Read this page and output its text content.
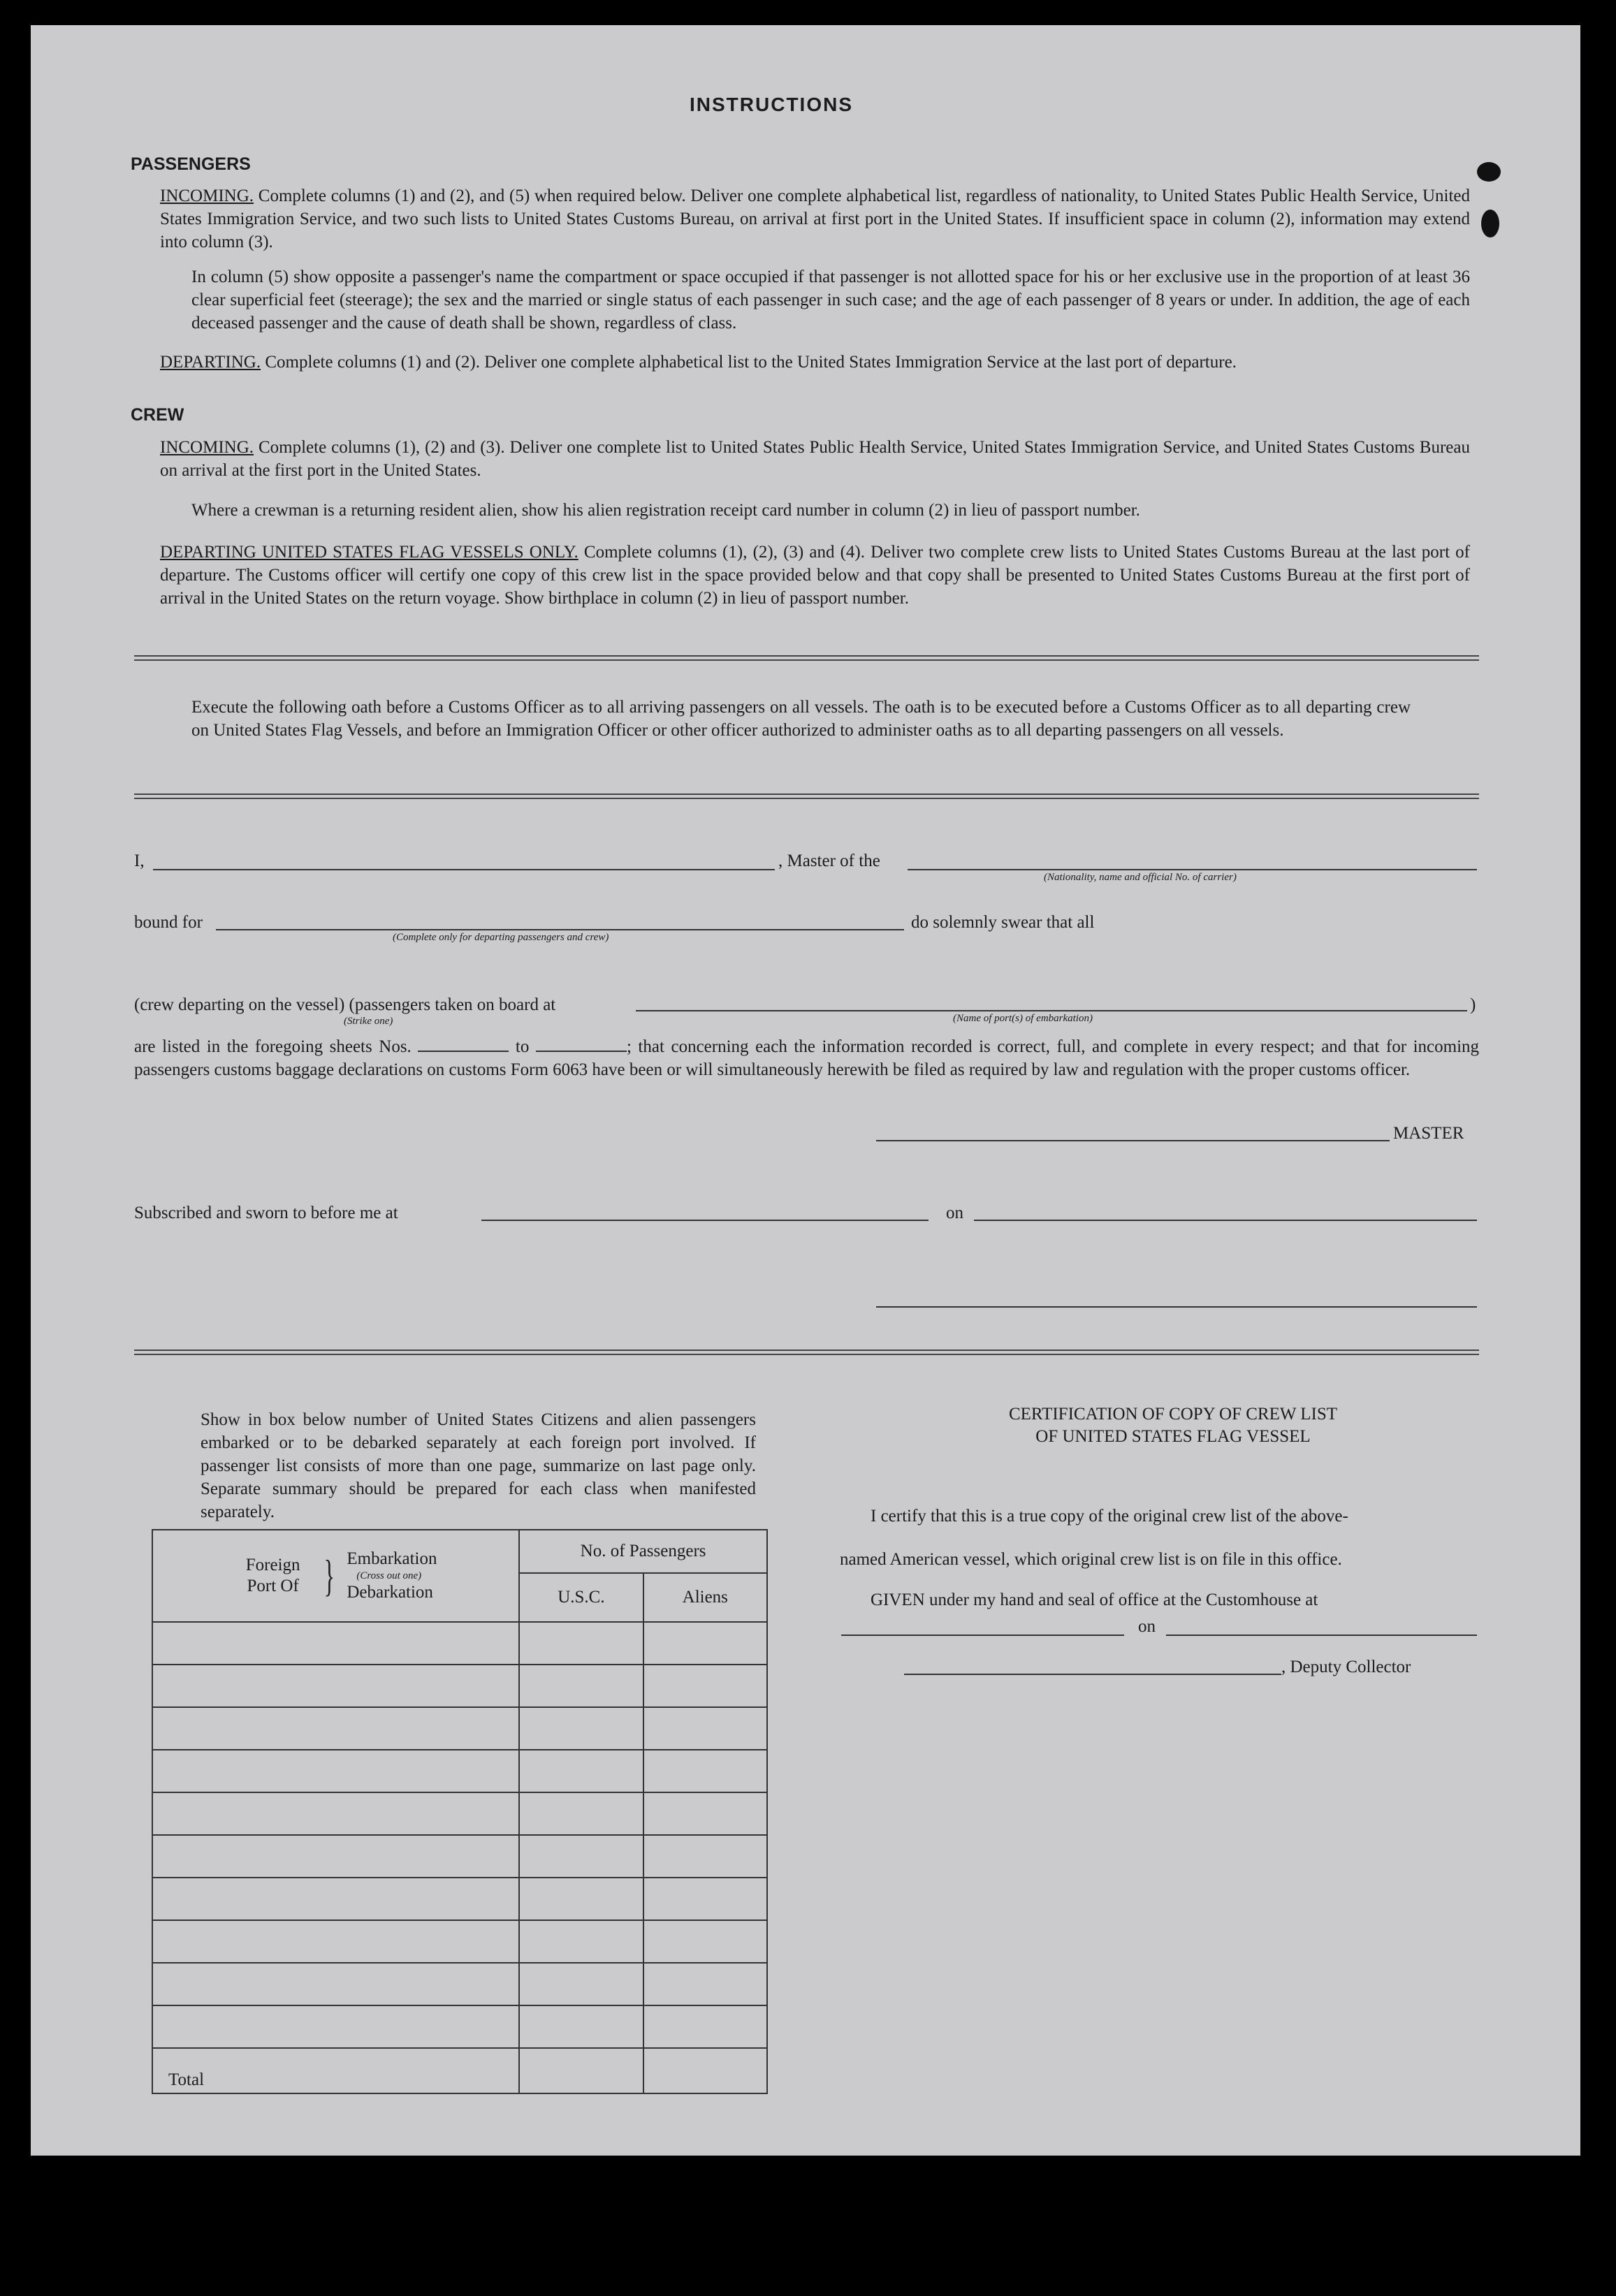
INSTRUCTIONS
PASSENGERS
INCOMING. Complete columns (1) and (2), and (5) when required below. Deliver one complete alphabetical list, regardless of nationality, to United States Public Health Service, United States Immigration Service, and two such lists to United States Customs Bureau, on arrival at first port in the United States. If insufficient space in column (2), information may extend into column (3).
In column (5) show opposite a passenger's name the compartment or space occupied if that passenger is not allotted space for his or her exclusive use in the proportion of at least 36 clear superficial feet (steerage); the sex and the married or single status of each passenger in such case; and the age of each passenger of 8 years or under. In addition, the age of each deceased passenger and the cause of death shall be shown, regardless of class.
DEPARTING. Complete columns (1) and (2). Deliver one complete alphabetical list to the United States Immigration Service at the last port of departure.
CREW
INCOMING. Complete columns (1), (2) and (3). Deliver one complete list to United States Public Health Service, United States Immigration Service, and United States Customs Bureau on arrival at the first port in the United States.
Where a crewman is a returning resident alien, show his alien registration receipt card number in column (2) in lieu of passport number.
DEPARTING UNITED STATES FLAG VESSELS ONLY. Complete columns (1), (2), (3) and (4). Deliver two complete crew lists to United States Customs Bureau at the last port of departure. The Customs officer will certify one copy of this crew list in the space provided below and that copy shall be presented to United States Customs Bureau at the first port of arrival in the United States on the return voyage. Show birthplace in column (2) in lieu of passport number.
Execute the following oath before a Customs Officer as to all arriving passengers on all vessels. The oath is to be executed before a Customs Officer as to all departing crew on United States Flag Vessels, and before an Immigration Officer or other officer authorized to administer oaths as to all departing passengers on all vessels.
I,	, Master of the
(Nationality, name and official No. of carrier)
bound for
(Complete only for departing passengers and crew)
do solemnly swear that all
(crew departing on the vessel) (passengers taken on board at	)
(Strike one)	(Name of port(s) of embarkation)
are listed in the foregoing sheets Nos.	to	; that concerning each the information recorded is correct, full, and complete in every respect; and that for incoming passengers customs baggage declarations on customs Form 6063 have been or will simultaneously herewith be filed as required by law and regulation with the proper customs officer.
MASTER
Subscribed and sworn to before me at	on
Show in box below number of United States Citizens and alien passengers embarked or to be debarked separately at each foreign port involved. If passenger list consists of more than one page, summarize on last page only. Separate summary should be prepared for each class when manifested separately.
Foreign Port Of } Embarkation
(Cross out one)
Debarkation	No. of Passengers	
	U.S.C.	Aliens

Total		
CERTIFICATION OF COPY OF CREW LIST
OF UNITED STATES FLAG VESSEL
I certify that this is a true copy of the original crew list of the above-
named American vessel, which original crew list is on file in this office.
GIVEN under my hand and seal of office at the Customhouse at
on
, Deputy Collector
